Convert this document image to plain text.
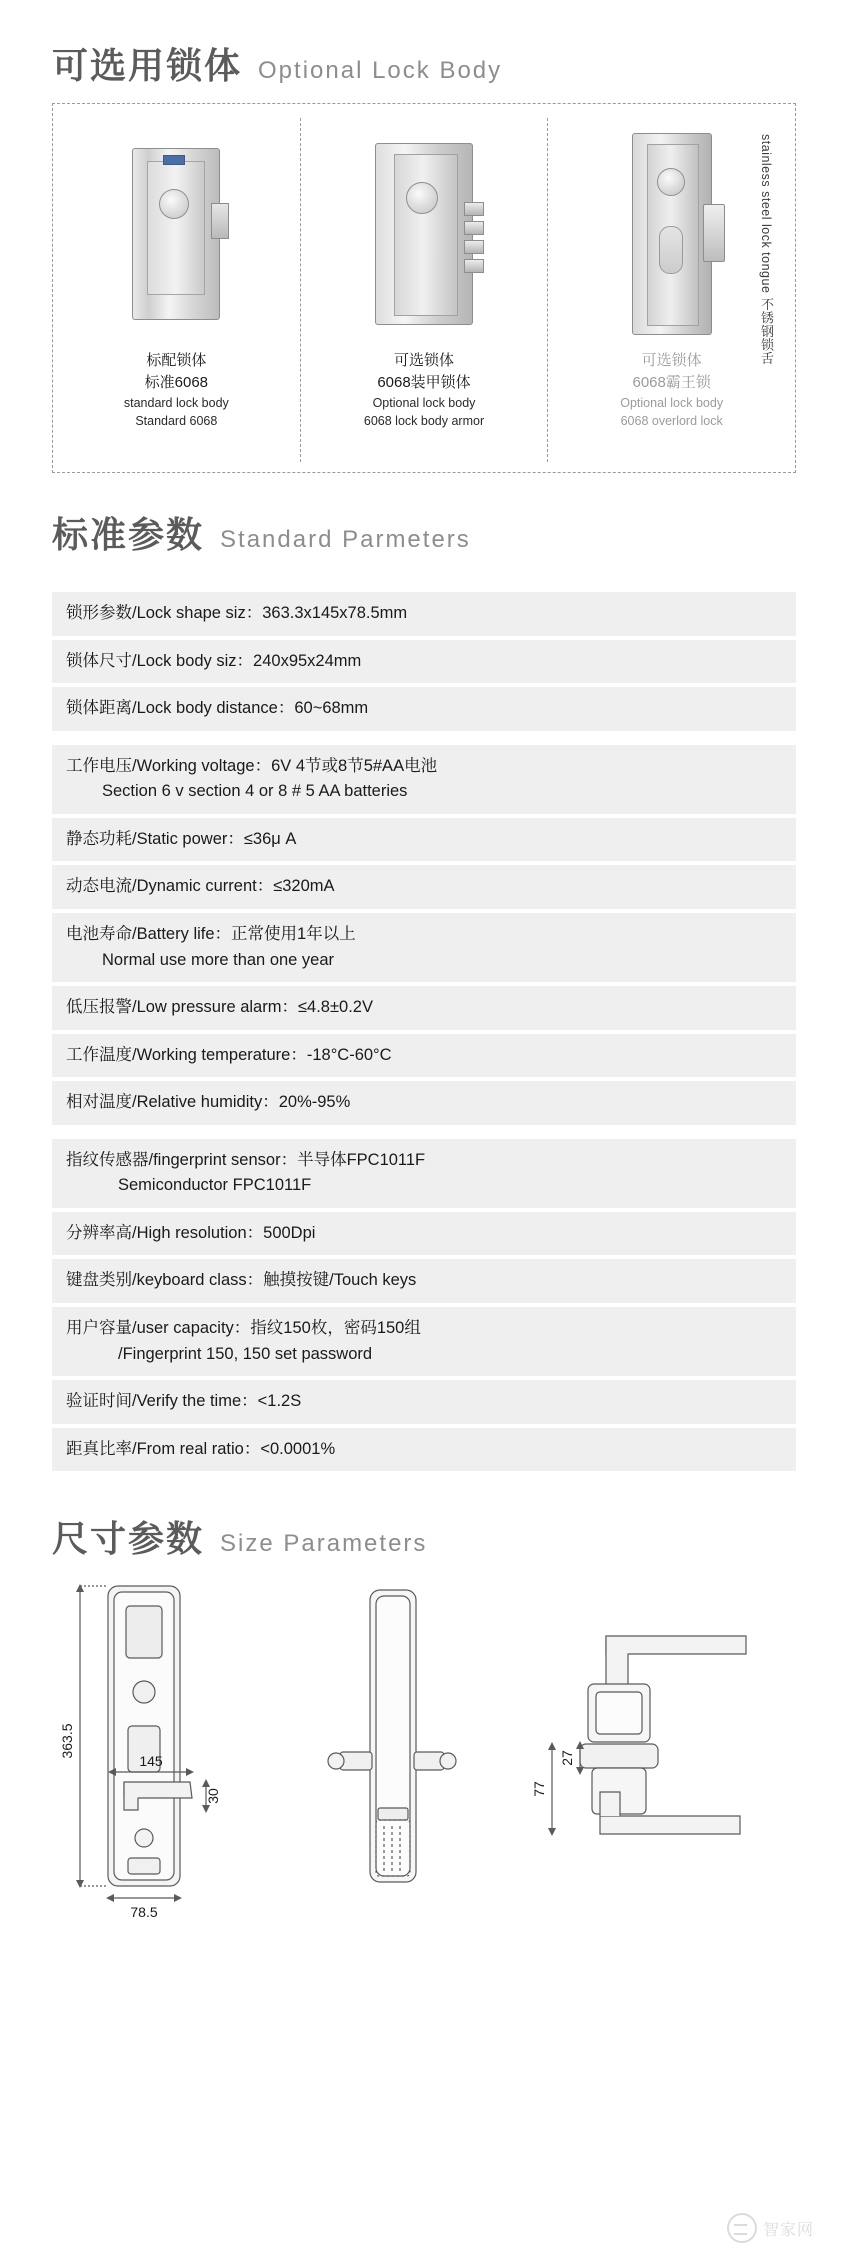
可选用锁体 Optional Lock Body
标配锁体
标准6068
standard lock body
Standard 6068
可选锁体
6068装甲锁体
Optional lock body
6068 lock body armor
stainless steel lock tongue 不锈钢锁舌
可选锁体
6068霸王锁
Optional lock body
6068 overlord lock
标准参数 Standard Parmeters
锁形参数/Lock shape siz：363.3x145x78.5mm
锁体尺寸/Lock body siz：240x95x24mm
锁体距离/Lock body distance：60~68mm
工作电压/Working voltage：6V 4节或8节5#AA电池
Section 6 v section 4 or 8 # 5 AA batteries
静态功耗/Static power：≤36μ A
动态电流/Dynamic current：≤320mA
电池寿命/Battery life：正常使用1年以上
Normal use more than one year
低压报警/Low pressure alarm：≤4.8±0.2V
工作温度/Working temperature：-18°C-60°C
相对温度/Relative humidity：20%-95%
指纹传感器/fingerprint sensor：半导体FPC1011F
Semiconductor FPC1011F
分辨率高/High resolution：500Dpi
键盘类别/keyboard class：触摸按键/Touch keys
用户容量/user capacity：指纹150枚，密码150组
/Fingerprint 150, 150 set password
验证时间/Verify the time：<1.2S
距真比率/From real ratio：<0.0001%
尺寸参数 Size Parameters
363.5
145
30
78.5
77
27
智家网
